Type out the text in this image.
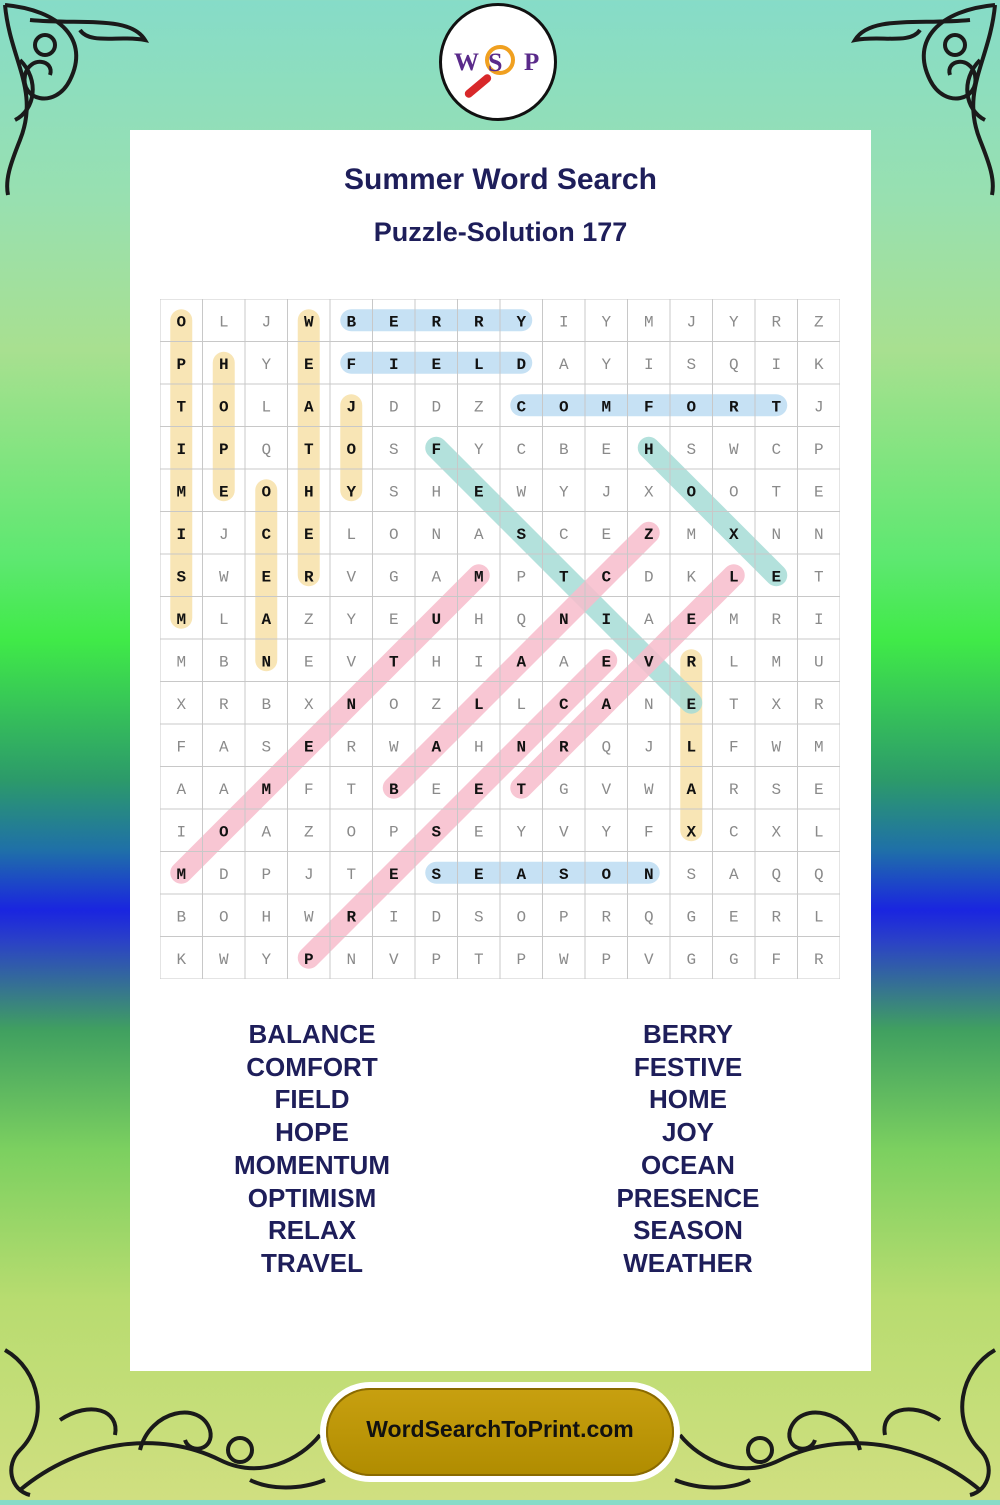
W S P
Summer Word Search
Puzzle-Solution 177
O L J W B E R R Y I Y M J Y R Z
P H Y E F I E L D A Y I S Q I K
T O L A J D D Z C O M F O R T J
I P Q T O S F Y C B E H S W C P
M E O H Y S H E W Y J X O O T E
I J C E L O N A S C E Z M X N N
S W E R V G A M P T C D K L E T
M L A Z Y E U H Q N I A E M R I
M B N E V T H I A A E V R L M U
X R B X N O Z L L C A N E T X R
F A S E R W A H N R Q J L F W M
A A M F T B E E T G V W A R S E
I O A Z O P S E Y V Y F X C X L
M D P J T E S E A S O N S A Q Q
B O H W R I D S O P R Q G E R L
K W Y P N V P T P W P V G G F R
BALANCE
COMFORT
FIELD
HOPE
MOMENTUM
OPTIMISM
RELAX
TRAVEL
BERRY
FESTIVE
HOME
JOY
OCEAN
PRESENCE
SEASON
WEATHER
WordSearchToPrint.com
